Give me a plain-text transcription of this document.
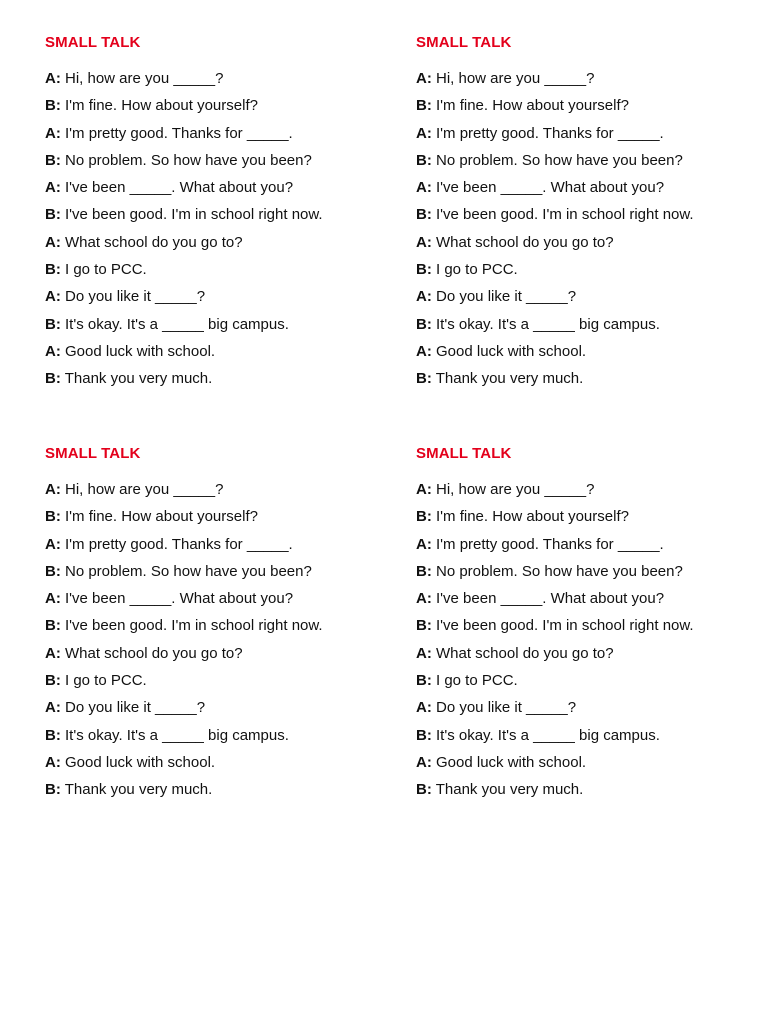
SMALL TALK
A: Hi, how are you _____?
B: I'm fine. How about yourself?
A: I'm pretty good. Thanks for _____.
B: No problem. So how have you been?
A: I've been _____. What about you?
B: I've been good. I'm in school right now.
A: What school do you go to?
B: I go to PCC.
A: Do you like it _____?
B: It's okay. It's a _____ big campus.
A: Good luck with school.
B: Thank you very much.
SMALL TALK
A: Hi, how are you _____?
B: I'm fine. How about yourself?
A: I'm pretty good. Thanks for _____.
B: No problem. So how have you been?
A: I've been _____. What about you?
B: I've been good. I'm in school right now.
A: What school do you go to?
B: I go to PCC.
A: Do you like it _____?
B: It's okay. It's a _____ big campus.
A: Good luck with school.
B: Thank you very much.
SMALL TALK
A: Hi, how are you _____?
B: I'm fine. How about yourself?
A: I'm pretty good. Thanks for _____.
B: No problem. So how have you been?
A: I've been _____. What about you?
B: I've been good. I'm in school right now.
A: What school do you go to?
B: I go to PCC.
A: Do you like it _____?
B: It's okay. It's a _____ big campus.
A: Good luck with school.
B: Thank you very much.
SMALL TALK
A: Hi, how are you _____?
B: I'm fine. How about yourself?
A: I'm pretty good. Thanks for _____.
B: No problem. So how have you been?
A: I've been _____. What about you?
B: I've been good. I'm in school right now.
A: What school do you go to?
B: I go to PCC.
A: Do you like it _____?
B: It's okay. It's a _____ big campus.
A: Good luck with school.
B: Thank you very much.
